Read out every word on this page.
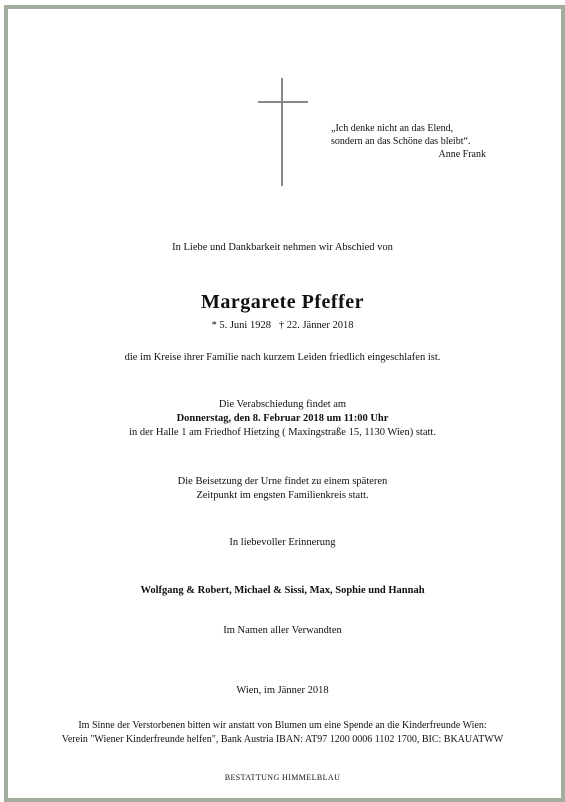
„Ich denke nicht an das Elend,
sondern an das Schöne das bleibt“.
Anne Frank
In Liebe und Dankbarkeit nehmen wir Abschied von
Margarete Pfeffer
* 5. Juni 1928   † 22. Jänner 2018
die im Kreise ihrer Familie nach kurzem Leiden friedlich eingeschlafen ist.
Die Verabschiedung findet am
Donnerstag, den 8. Februar 2018 um 11:00 Uhr
in der Halle 1 am Friedhof Hietzing ( Maxingstraße 15, 1130 Wien) statt.
Die Beisetzung der Urne findet zu einem späteren
Zeitpunkt im engsten Familienkreis statt.
In liebevoller Erinnerung
Wolfgang & Robert, Michael & Sissi, Max, Sophie und Hannah
Im Namen aller Verwandten
Wien, im Jänner 2018
Im Sinne der Verstorbenen bitten wir anstatt von Blumen um eine Spende an die Kinderfreunde Wien:
Verein "Wiener Kinderfreunde helfen", Bank Austria IBAN: AT97 1200 0006 1102 1700, BIC: BKAUATWW
BESTATTUNG HIMMELBLAU
